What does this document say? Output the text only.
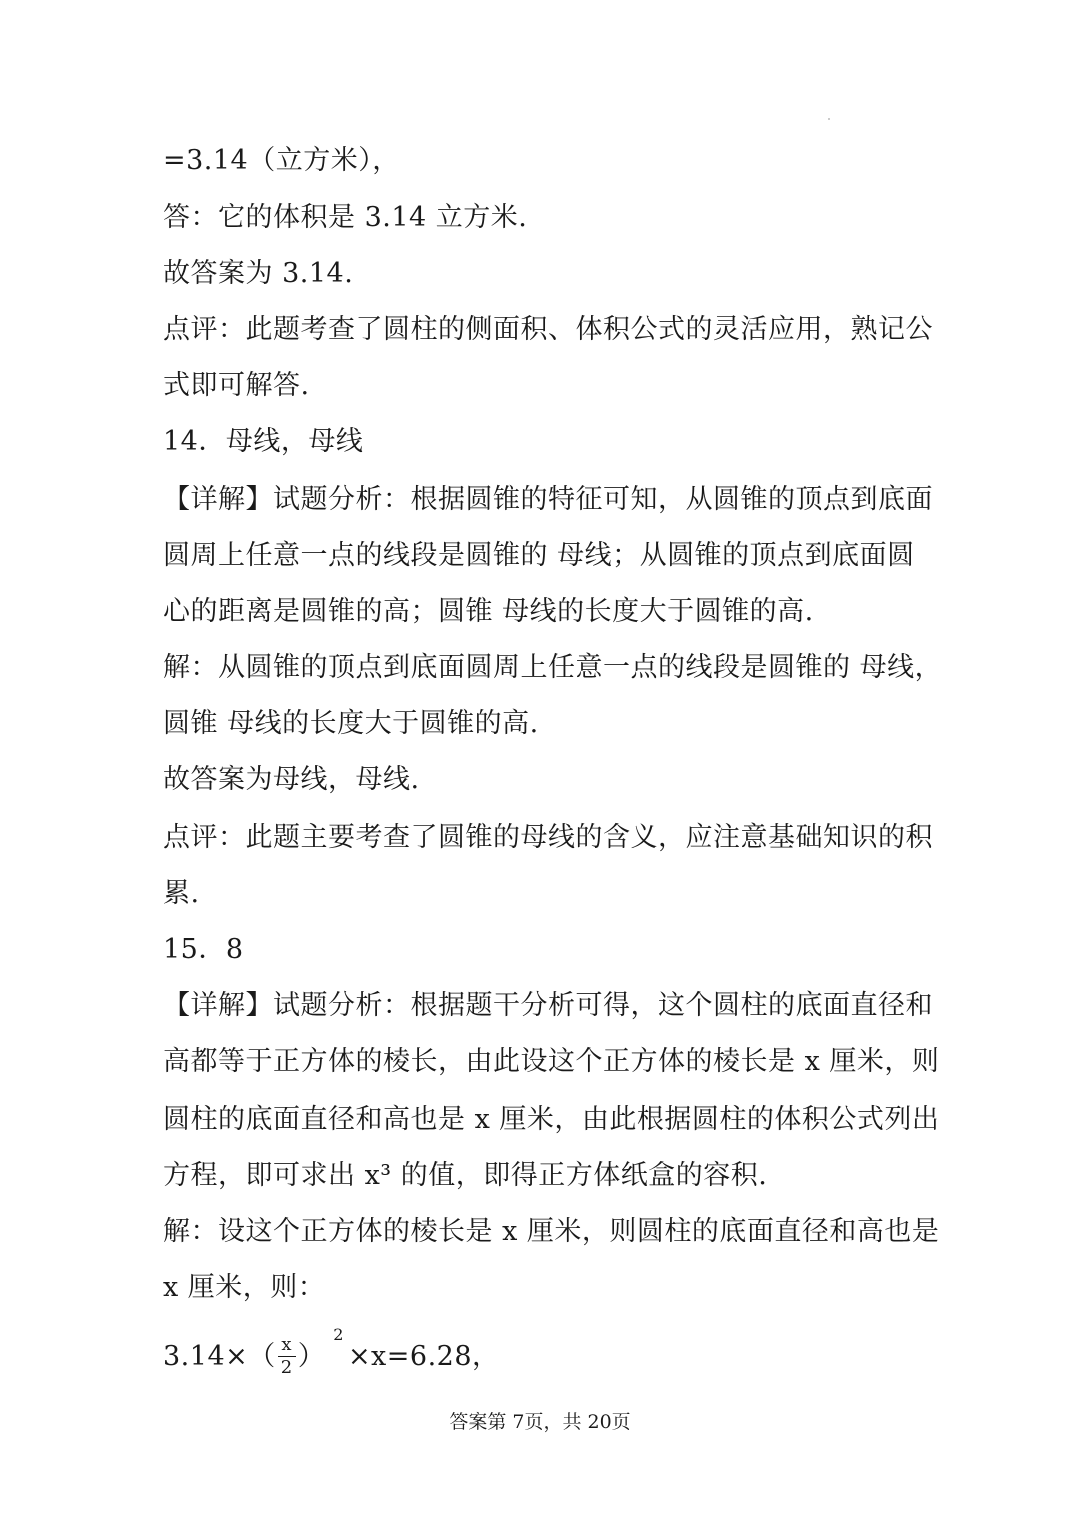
=3.14（立方米），
答：它的体积是 3.14 立方米.
故答案为 3.14.
点评：此题考查了圆柱的侧面积、体积公式的灵活应用，熟记公
式即可解答.
14．母线，母线
【详解】试题分析：根据圆锥的特征可知，从圆锥的顶点到底面
圆周上任意一点的线段是圆锥的 母线；从圆锥的顶点到底面圆
心的距离是圆锥的高；圆锥 母线的长度大于圆锥的高.
解：从圆锥的顶点到底面圆周上任意一点的线段是圆锥的 母线，
圆锥 母线的长度大于圆锥的高.
故答案为母线，母线.
点评：此题主要考查了圆锥的母线的含义，应注意基础知识的积
累.
15．8
【详解】试题分析：根据题干分析可得，这个圆柱的底面直径和
高都等于正方体的棱长，由此设这个正方体的棱长是 x 厘米，则
圆柱的底面直径和高也是 x 厘米，由此根据圆柱的体积公式列出
方程，即可求出 x³ 的值，即得正方体纸盒的容积.
解：设这个正方体的棱长是 x 厘米，则圆柱的底面直径和高也是
x 厘米，则：
3.14× （ $\frac{x}{2}$ ）
2
×x=6.28，
答案第 7页，共 20页
